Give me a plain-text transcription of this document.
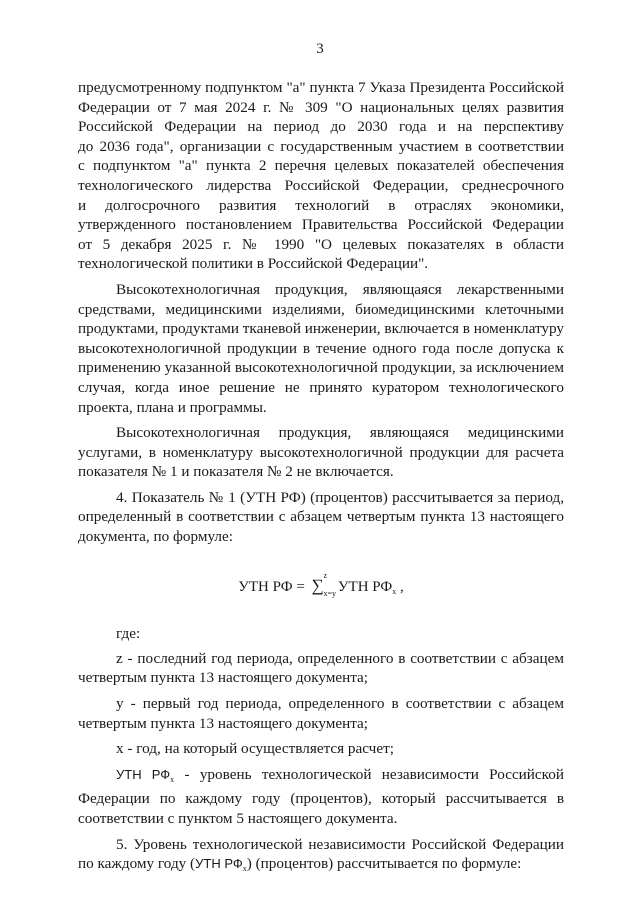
3

предусмотренному подпунктом "а" пункта 7 Указа Президента Российской

Федерации от 7 мая 2024 г. № 309 "О национальных целях развития

Российской Федерации на период до 2030 года и на перспективу

до 2036 года", организации с государственным участием в соответствии

с подпунктом "а" пункта 2 перечня целевых показателей обеспечения

технологического лидерства Российской Федерации, среднесрочного

и долгосрочного развития технологий в отраслях экономики,

утвержденного постановлением Правительства Российской Федерации

от 5 декабря 2025 г. № 1990 "О целевых показателях в области

технологической политики в Российской Федерации".

Высокотехнологичная продукция, являющаяся лекарственными средствами, медицинскими изделиями, биомедицинскими клеточными продуктами, продуктами тканевой инженерии, включается в номенклатуру высокотехнологичной продукции в течение одного года после допуска к применению указанной высокотехнологичной продукции, за исключением случая, когда иное решение не принято куратором технологического проекта, плана и программы.

Высокотехнологичная продукция, являющаяся медицинскими услугами, в номенклатуру высокотехнологичной продукции для расчета показателя № 1 и показателя № 2 не включается.

4. Показатель № 1 (УТН РФ) (процентов) рассчитывается за период, определенный в соответствии с абзацем четвертым пункта 13 настоящего документа, по формуле:

УТН РФ = ∑
z
x=y УТН $РФ_x$ ,

где:

z - последний год периода, определенного в соответствии с абзацем четвертым пункта 13 настоящего документа;

y - первый год периода, определенного в соответствии с абзацем четвертым пункта 13 настоящего документа;

x - год, на который осуществляется расчет;

УТН РФx - уровень технологической независимости Российской Федерации по каждому году (процентов), который рассчитывается в соответствии с пунктом 5 настоящего документа.

5. Уровень технологической независимости Российской Федерации по каждому году (УТН РФx) (процентов) рассчитывается по формуле:
